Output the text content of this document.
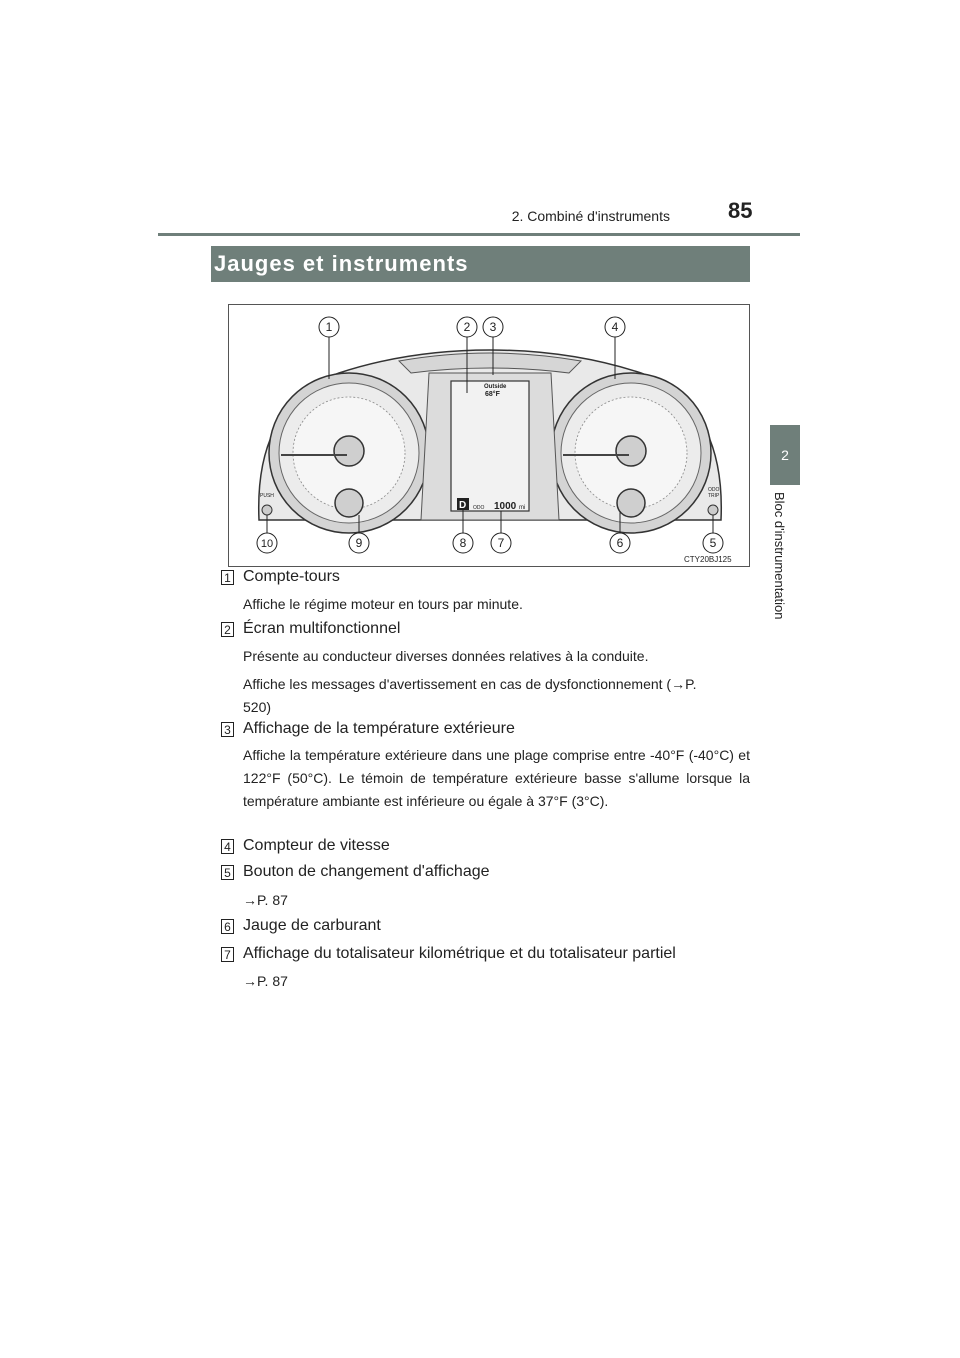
2. Combiné d'instruments	85
2
Bloc d'instrumentation
Jauges et instruments
1	2 3	4
5
6
7
8
9
10
Outside
68°F
D ODO 1000 mi
PUSH
ODO
TRIP
CTY20BJ125
1 Compte-tours
Affiche le régime moteur en tours par minute.
2 Écran multifonctionnel
Présente au conducteur diverses données relatives à la conduite.
Affiche les messages d'avertissement en cas de dysfonctionnement (→P. 520)
3 Affichage de la température extérieure
Affiche la température extérieure dans une plage comprise entre -40°F (-40°C) et 122°F (50°C). Le témoin de température extérieure basse s'allume lorsque la température ambiante est inférieure ou égale à 37°F (3°C).
4 Compteur de vitesse
5 Bouton de changement d'affichage
→P. 87
6 Jauge de carburant
7 Affichage du totalisateur kilométrique et du totalisateur partiel
→P. 87
